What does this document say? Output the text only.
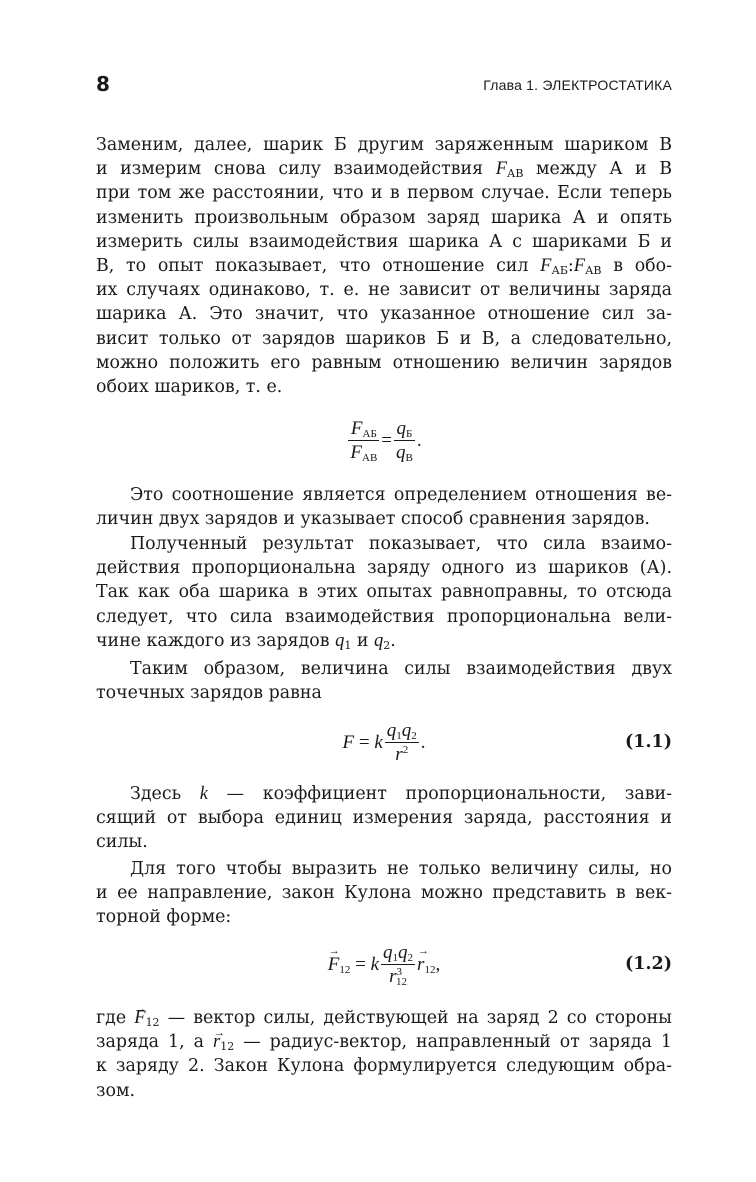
8	Глава 1. ЭЛЕКТРОСТАТИКА

Заменим, далее, шарик Б другим заряженным шариком В
и измерим снова силу взаимодействия $F_{АВ}$ между А и В
при том же расстоянии, что и в первом случае. Если теперь
изменить произвольным образом заряд шарика А и опять
измерить силы взаимодействия шарика А с шариками Б и
В, то опыт показывает, что отношение сил $F_{АБ}:F_{АВ}$ в обо-
их случаях одинаково, т. е. не зависит от величины заряда
шарика А. Это значит, что указанное отношение сил за-
висит только от зарядов шариков Б и В, а следовательно,
можно положить его равным отношению величин зарядов
обоих шариков, т. е.

$\frac{F_{АБ}}{F_{АВ}} = \frac{q_Б}{q_В}$ .

Это соотношение является определением отношения ве-
личин двух зарядов и указывает способ сравнения зарядов.

Полученный результат показывает, что сила взаимо-
действия пропорциональна заряду одного из шариков (А).
Так как оба шарика в этих опытах равноправны, то отсюда
следует, что сила взаимодействия пропорциональна вели-
чине каждого из зарядов $q_1$ и $q_2$.

Таким образом, величина силы взаимодействия двух
точечных зарядов равна

F = k $\frac{q_1q_2}{r^2}$ .	(1.1)

Здесь k — коэффициент пропорциональности, зави-
сящий от выбора единиц измерения заряда, расстояния и
силы.

Для того чтобы выразить не только величину силы, но
и ее направление, закон Кулона можно представить в век-
торной форме:

→ $F_{12} = k \frac{q_1q_2}{r^3_{12}}$
→ $r_{12}$,	(1.2)

где → $F_{12}$ — вектор силы, действующей на заряд 2 со стороны
заряда 1, $а \to r_{12}$ — радиус-вектор, направленный от заряда 1
к заряду 2. Закон Кулона формулируется следующим обра-
зом.
